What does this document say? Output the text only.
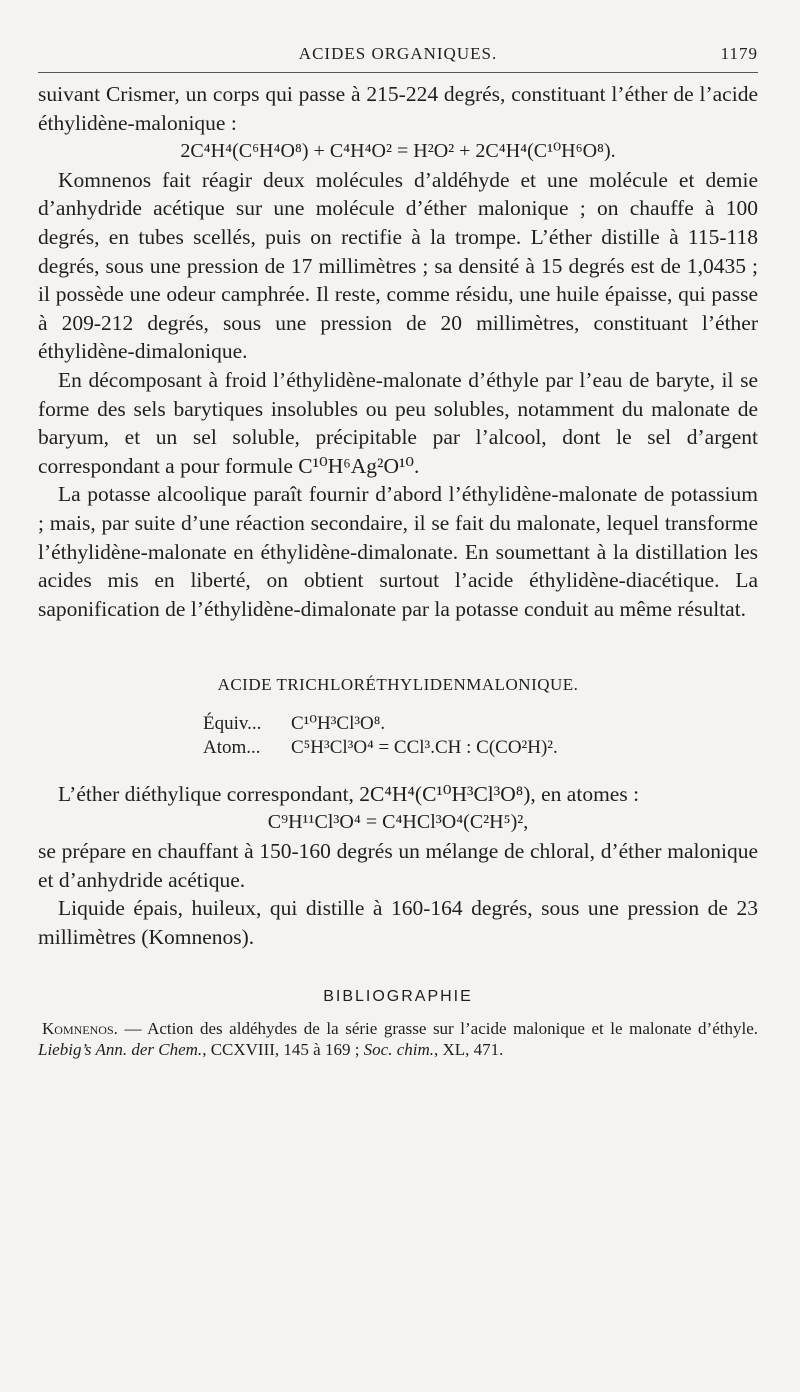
ACIDES ORGANIQUES.	1179

suivant Crismer, un corps qui passe à 215-224 degrés, constituant l’éther de l’acide éthylidène-malonique :

2C⁴H⁴(C⁶H⁴O⁸) + C⁴H⁴O² = H²O² + 2C⁴H⁴(C¹⁰H⁶O⁸).

Komnenos fait réagir deux molécules d’aldéhyde et une molécule et demie d’anhydride acétique sur une molécule d’éther malonique ; on chauffe à 100 degrés, en tubes scellés, puis on rectifie à la trompe. L’éther distille à 115-118 degrés, sous une pression de 17 millimètres ; sa densité à 15 degrés est de 1,0435 ; il possède une odeur camphrée. Il reste, comme résidu, une huile épaisse, qui passe à 209-212 degrés, sous une pression de 20 millimètres, constituant l’éther éthylidène-dimalonique.

En décomposant à froid l’éthylidène-malonate d’éthyle par l’eau de baryte, il se forme des sels barytiques insolubles ou peu solubles, notamment du malonate de baryum, et un sel soluble, précipitable par l’alcool, dont le sel d’argent correspondant a pour formule C¹⁰H⁶Ag²O¹⁰.

La potasse alcoolique paraît fournir d’abord l’éthylidène-malonate de potassium ; mais, par suite d’une réaction secondaire, il se fait du malonate, lequel transforme l’éthylidène-malonate en éthylidène-dimalonate. En soumettant à la distillation les acides mis en liberté, on obtient surtout l’acide éthylidène-diacétique. La saponification de l’éthylidène-dimalonate par la potasse conduit au même résultat.

ACIDE TRICHLORÉTHYLIDENMALONIQUE.
Équiv...	C¹⁰H³Cl³O⁸.
Atom...	C⁵H³Cl³O⁴ = CCl³.CH : C(CO²H)².

L’éther diéthylique correspondant, 2C⁴H⁴(C¹⁰H³Cl³O⁸), en atomes :

C⁹H¹¹Cl³O⁴ = C⁴HCl³O⁴(C²H⁵)²,

se prépare en chauffant à 150-160 degrés un mélange de chloral, d’éther malonique et d’anhydride acétique.

Liquide épais, huileux, qui distille à 160-164 degrés, sous une pression de 23 millimètres (Komnenos).

BIBLIOGRAPHIE

Komnenos. — Action des aldéhydes de la série grasse sur l’acide malonique et le malonate d’éthyle. Liebig’s Ann. der Chem., CCXVIII, 145 à 169 ; Soc. chim., XL, 471.
